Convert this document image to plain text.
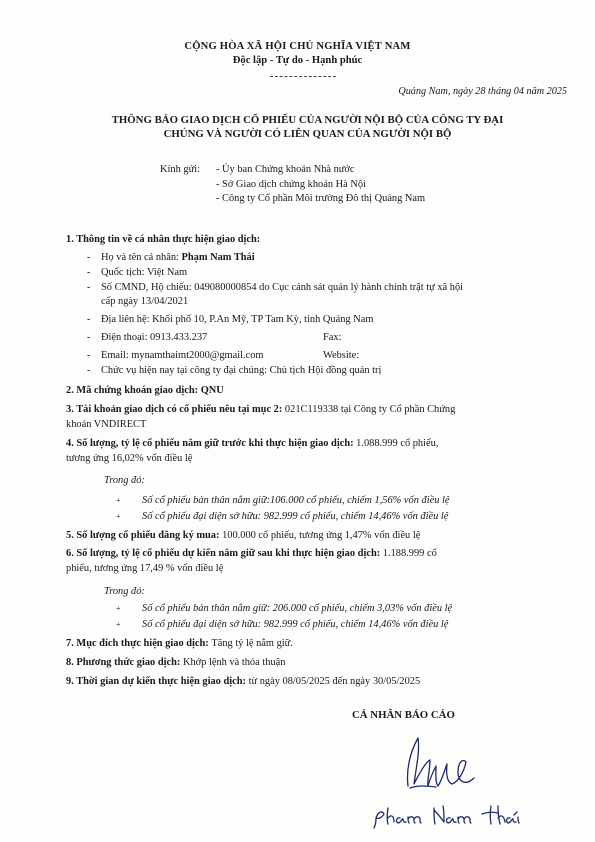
CỘNG HÒA XÃ HỘI CHỦ NGHĨA VIỆT NAM
Độc lập - Tự do - Hạnh phúc
Quảng Nam, ngày 28 tháng 04 năm 2025
THÔNG BÁO GIAO DỊCH CỔ PHIẾU CỦA NGƯỜI NỘI BỘ CỦA CÔNG TY ĐẠI
CHÚNG VÀ NGƯỜI CÓ LIÊN QUAN CỦA NGƯỜI NỘI BỘ
Kính gửi: - Ủy ban Chứng khoán Nhà nước
- Sở Giao dịch chứng khoán Hà Nội
- Công ty Cổ phần Môi trường Đô thị Quảng Nam
1. Thông tin về cá nhân thực hiện giao dịch:
- Họ và tên cá nhân: Phạm Nam Thái
- Quốc tịch: Việt Nam
- Số CMND, Hộ chiếu: 049080000854 do Cục cảnh sát quản lý hành chính trật tự xã hội
cấp ngày 13/04/2021
- Địa liên hệ: Khối phố 10, P.An Mỹ, TP Tam Kỳ, tỉnh Quảng Nam
- Điện thoại: 0913.433.237	Fax:
- Email: mynamthaimt2000@gmail.com	Website:
- Chức vụ hiện nay tại công ty đại chúng: Chủ tịch Hội đồng quản trị
2. Mã chứng khoán giao dịch: QNU
3. Tài khoản giao dịch có cổ phiếu nêu tại mục 2: 021C119338 tại Công ty Cổ phần Chứng
khoán VNDIRECT
4. Số lượng, tỷ lệ cổ phiếu nắm giữ trước khi thực hiện giao dịch: 1.088.999 cổ phiếu,
tương ứng 16,02% vốn điều lệ
Trong đó:
+ Số cổ phiếu bản thân nắm giữ:106.000 cổ phiếu, chiếm 1,56% vốn điều lệ
+ Số cổ phiếu đại diện sở hữu: 982.999 cổ phiếu, chiếm 14,46% vốn điều lệ
5. Số lượng cổ phiếu đăng ký mua: 100.000 cổ phiếu, tương ứng 1,47% vốn điều lệ
6. Số lượng, tỷ lệ cổ phiếu dự kiến nắm giữ sau khi thực hiện giao dịch: 1.188.999 cổ
phiếu, tương ứng 17,49 % vốn điều lệ
Trong đó:
+ Số cổ phiếu bản thân nắm giữ: 206.000 cổ phiếu, chiếm 3,03% vốn điều lệ
+ Số cổ phiếu đại diện sở hữu: 982.999 cổ phiếu, chiếm 14,46% vốn điều lệ
7. Mục đích thực hiện giao dịch: Tăng tỷ lệ nắm giữ.
8. Phương thức giao dịch: Khớp lệnh và thỏa thuận
9. Thời gian dự kiến thực hiện giao dịch: từ ngày 08/05/2025 đến ngày 30/05/2025
CÁ NHÂN BÁO CÁO
Phạm Nam Thái
